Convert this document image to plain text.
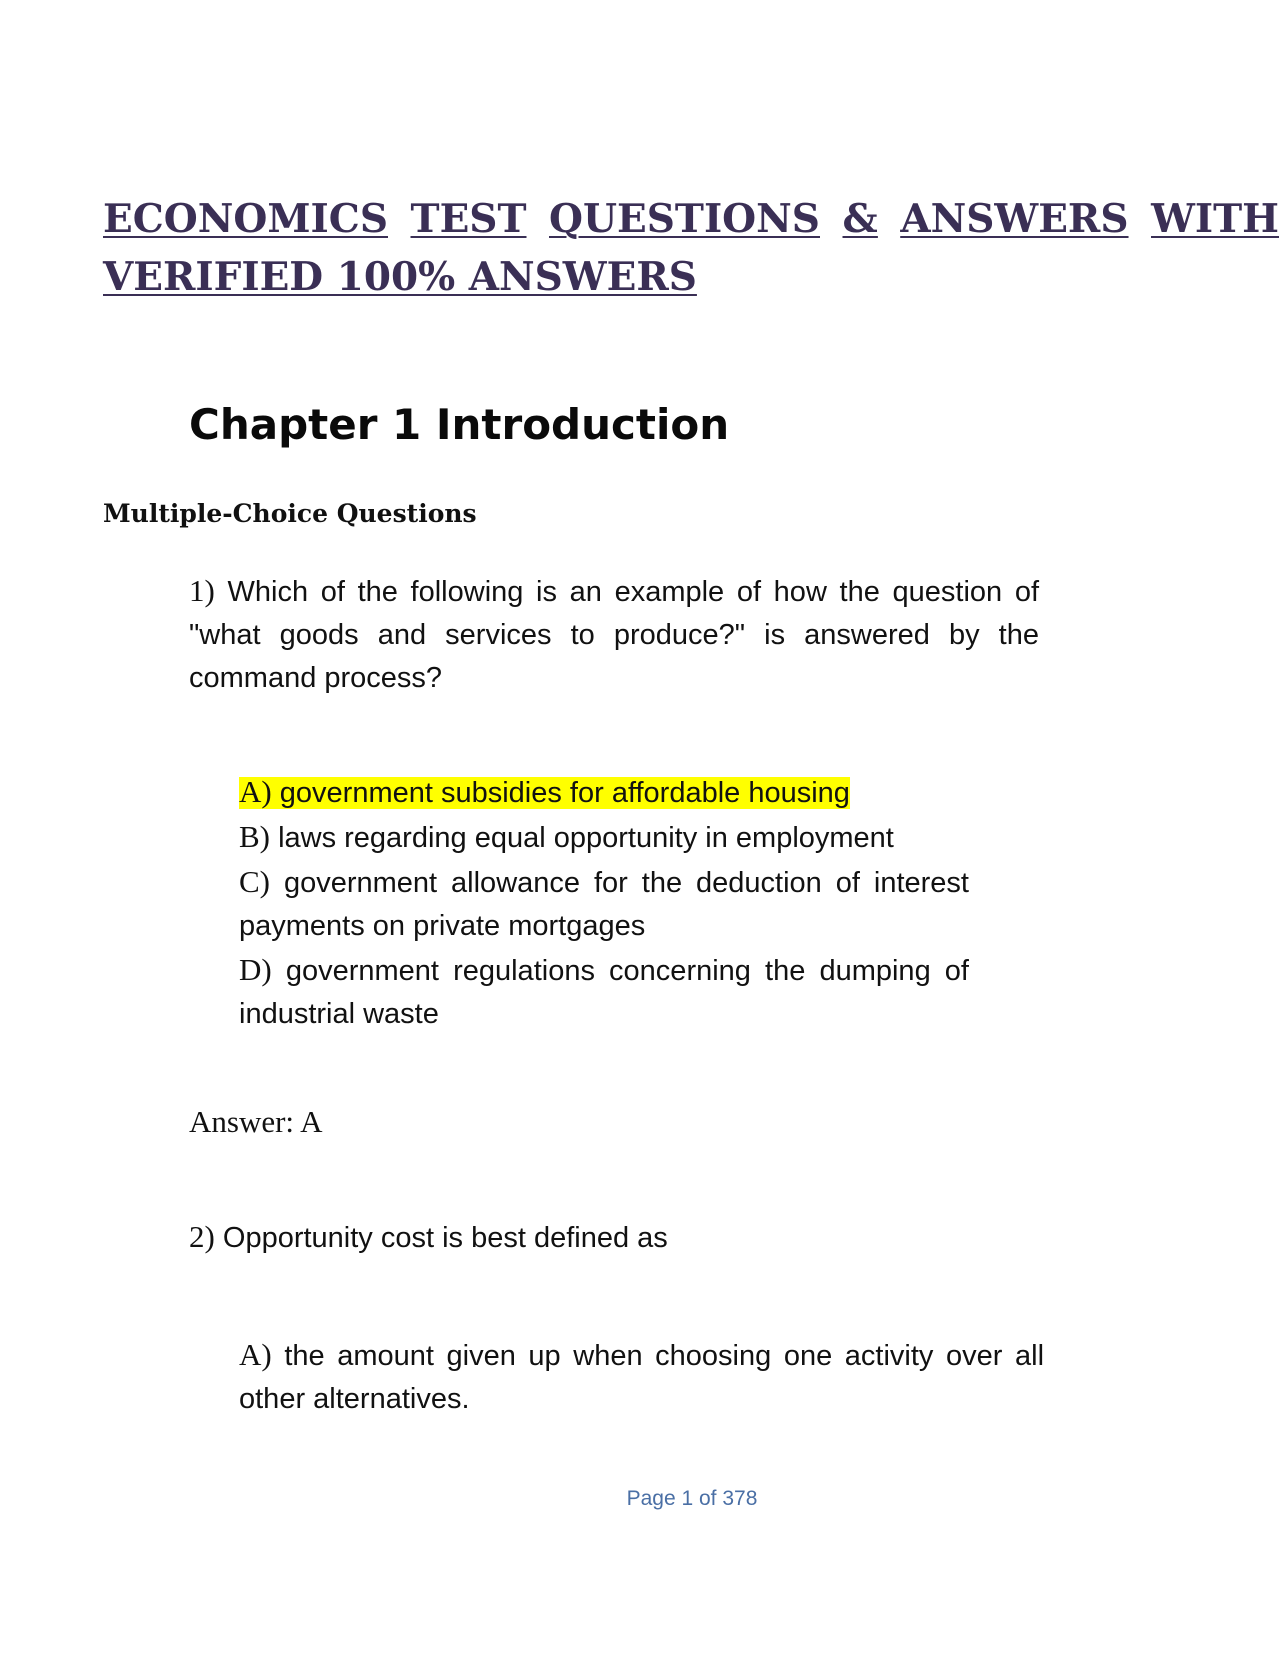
ECONOMICS TEST QUESTIONS & ANSWERS WITH
VERIFIED 100% ANSWERS
Chapter 1 Introduction
Multiple-Choice Questions

1) Which of the following is an example of how the question of "what goods and services to produce?" is answered by the command process?

A) government subsidies for affordable housing
B) laws regarding equal opportunity in employment
C) government allowance for the deduction of interest payments on private mortgages
D) government regulations concerning the dumping of industrial waste

Answer: A

2) Opportunity cost is best defined as

A) the amount given up when choosing one activity over all other alternatives.
Page 1 of 378
